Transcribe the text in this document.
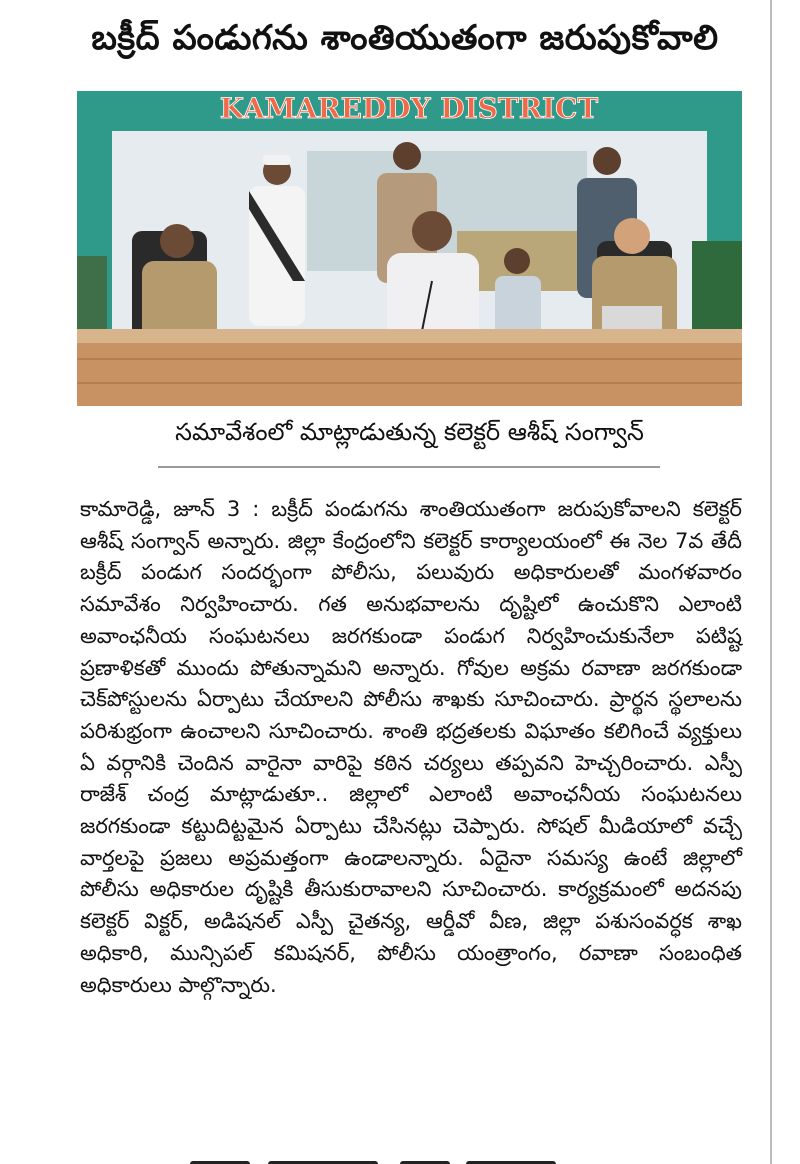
బక్రీద్ పండుగను శాంతియుతంగా జరుపుకోవాలి
KAMAREDDY DISTRICT
సమావేశంలో మాట్లాడుతున్న కలెక్టర్ ఆశీష్ సంగ్వాన్
కామారెడ్డి, జూన్ 3 : బక్రీద్ పండుగను శాంతియుతంగా జరుపుకోవాలని కలెక్టర్ ఆశీష్ సంగ్వాన్ అన్నారు. జిల్లా కేంద్రంలోని కలెక్టర్ కార్యాలయంలో ఈ నెల 7వ తేదీ బక్రీద్ పండుగ సందర్భంగా పోలీసు, పలువురు అధికారులతో మంగళవారం సమావేశం నిర్వహించారు. గత అనుభవాలను దృష్టిలో ఉంచుకొని ఎలాంటి అవాంఛనీయ సంఘటనలు జరగకుండా పండుగ నిర్వహించుకునేలా పటిష్ట ప్రణాళికతో ముందు పోతున్నామని అన్నారు. గోవుల అక్రమ రవాణా జరగకుండా చెక్‌పోస్టులను ఏర్పాటు చేయాలని పోలీసు శాఖకు సూచించారు. ప్రార్థన స్థలాలను పరిశుభ్రంగా ఉంచాలని సూచించారు. శాంతి భద్రతలకు విఘాతం కలిగించే వ్యక్తులు ఏ వర్గానికి చెందిన వారైనా వారిపై కఠిన చర్యలు తప్పవని హెచ్చరించారు. ఎస్పీ రాజేశ్ చంద్ర మాట్లాడుతూ.. జిల్లాలో ఎలాంటి అవాంఛనీయ సంఘటనలు జరగకుండా కట్టుదిట్టమైన ఏర్పాటు చేసినట్లు చెప్పారు. సోషల్ మీడియాలో వచ్చే వార్తలపై ప్రజలు అప్రమత్తంగా ఉండాలన్నారు. ఏదైనా సమస్య ఉంటే జిల్లాలో పోలీసు అధికారుల దృష్టికి తీసుకురావాలని సూచించారు. కార్యక్రమంలో అదనపు కలెక్టర్ విక్టర్, అడిషనల్ ఎస్పీ చైతన్య, ఆర్డీవో వీణ, జిల్లా పశుసంవర్ధక శాఖ అధికారి, మున్సిపల్ కమిషనర్, పోలీసు యంత్రాంగం, రవాణా సంబంధిత అధికారులు పాల్గొన్నారు.
